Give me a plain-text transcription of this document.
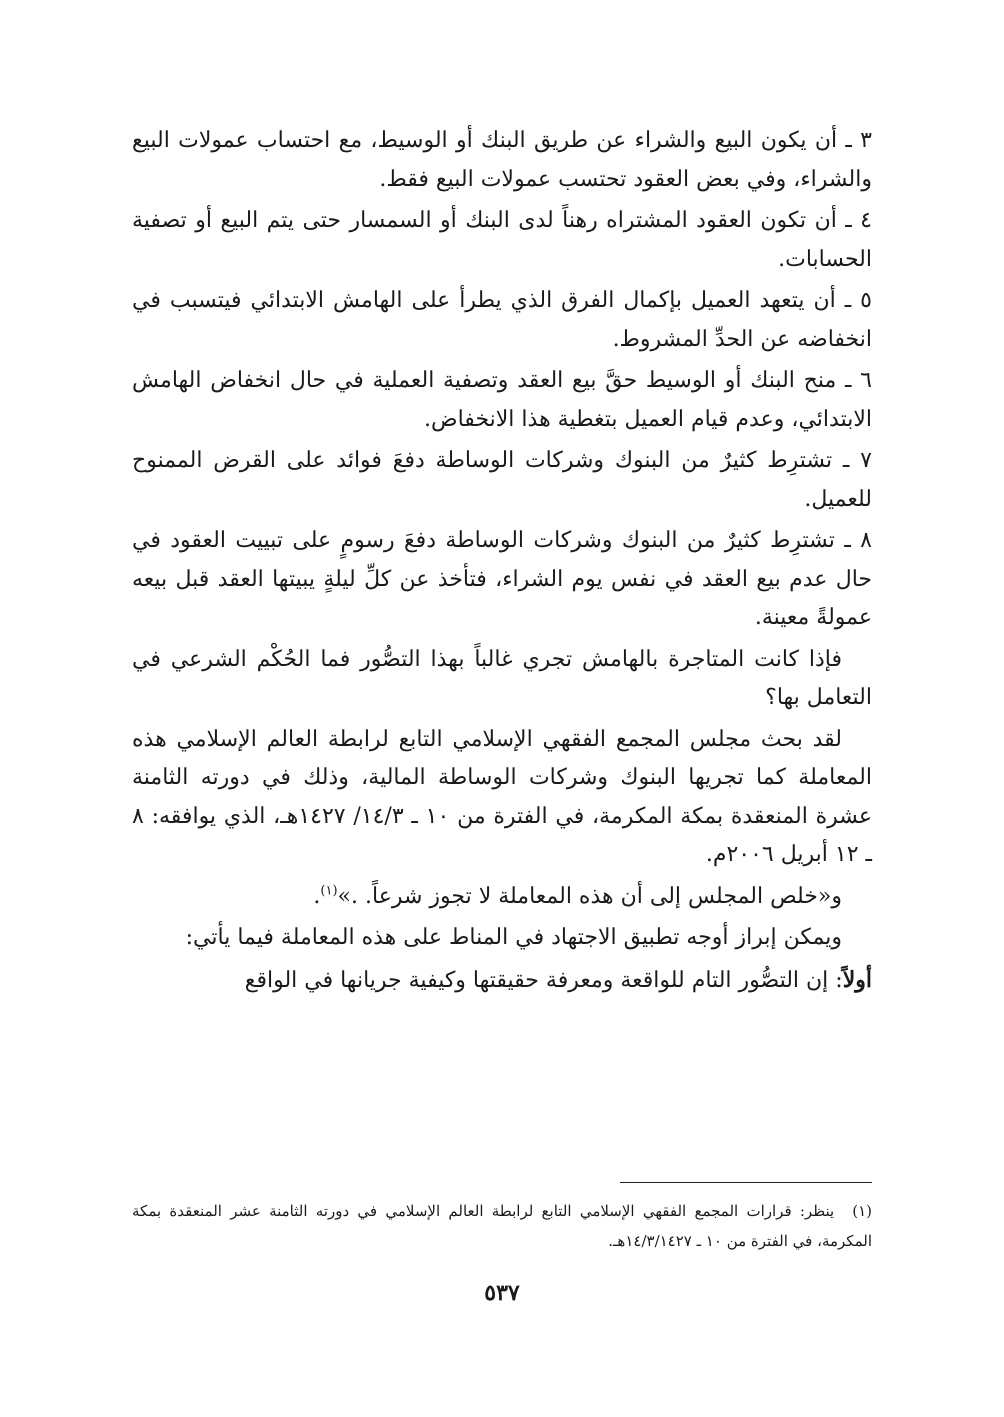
٣ ـ أن يكون البيع والشراء عن طريق البنك أو الوسيط، مع احتساب عمولات البيع والشراء، وفي بعض العقود تحتسب عمولات البيع فقط.

٤ ـ أن تكون العقود المشتراه رهناً لدى البنك أو السمسار حتى يتم البيع أو تصفية الحسابات.

٥ ـ أن يتعهد العميل بإكمال الفرق الذي يطرأ على الهامش الابتدائي فيتسبب في انخفاضه عن الحدِّ المشروط.

٦ ـ منح البنك أو الوسيط حقَّ بيع العقد وتصفية العملية في حال انخفاض الهامش الابتدائي، وعدم قيام العميل بتغطية هذا الانخفاض.

٧ ـ تشترِط كثيرٌ من البنوك وشركات الوساطة دفعَ فوائد على القرض الممنوح للعميل.

٨ ـ تشترِط كثيرٌ من البنوك وشركات الوساطة دفعَ رسومٍ على تبييت العقود في حال عدم بيع العقد في نفس يوم الشراء، فتأخذ عن كلِّ ليلةٍ يبيتها العقد قبل بيعه عمولةً معينة.

فإذا كانت المتاجرة بالهامش تجري غالباً بهذا التصُّور فما الحُكْم الشرعي في التعامل بها؟

لقد بحث مجلس المجمع الفقهي الإسلامي التابع لرابطة العالم الإسلامي هذه المعاملة كما تجريها البنوك وشركات الوساطة المالية، وذلك في دورته الثامنة عشرة المنعقدة بمكة المكرمة، في الفترة من ١٠ ـ ١٤/٣/ ١٤٢٧هـ، الذي يوافقه: ٨ ـ ١٢ أبريل ٢٠٠٦م.

و«خلص المجلس إلى أن هذه المعاملة لا تجوز شرعاً. .»$^{(١)}$.

ويمكن إبراز أوجه تطبيق الاجتهاد في المناط على هذه المعاملة فيما يأتي:

أولاً: إن التصُّور التام للواقعة ومعرفة حقيقتها وكيفية جريانها في الواقع

(١)ينظر: قرارات المجمع الفقهي الإسلامي التابع لرابطة العالم الإسلامي في دورته الثامنة عشر المنعقدة بمكة المكرمة، في الفترة من ١٠ ـ ١٤/٣/١٤٢٧هـ.

٥٣٧
